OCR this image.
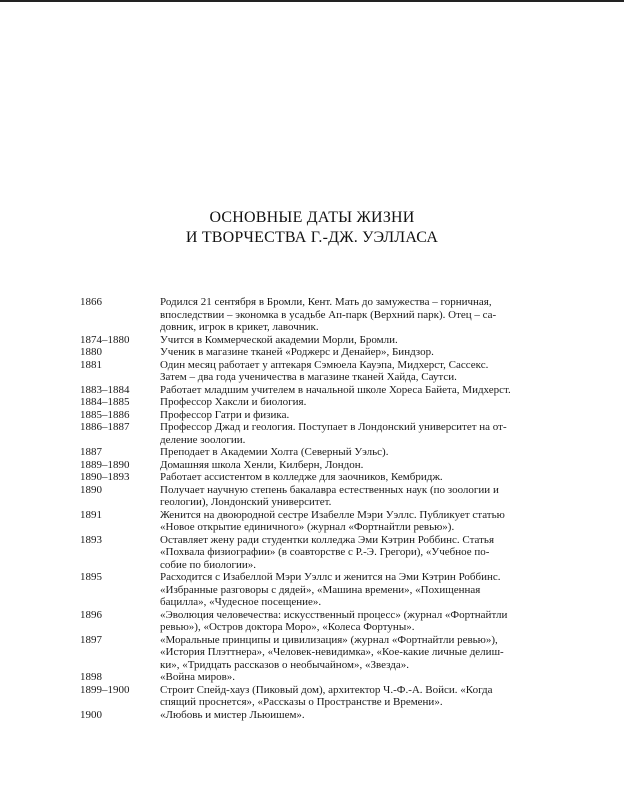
ОСНОВНЫЕ ДАТЫ ЖИЗНИ
И ТВОРЧЕСТВА Г.-ДЖ. УЭЛЛАСА
1866	Родился 21 сентября в Бромли, Кент. Мать до замужества – горничная,
впоследствии – экономка в усадьбе Ап-парк (Верхний парк). Отец – са-
довник, игрок в крикет, лавочник.
1874–1880	Учится в Коммерческой академии Морли, Бромли.
1880	Ученик в магазине тканей «Роджерс и Денайер», Биндзор.
1881	Один месяц работает у аптекаря Сэмюела Кауэпа, Мидхерст, Сассекс.
Затем – два года ученичества в магазине тканей Хайда, Саутси.
1883–1884	Работает младшим учителем в начальной школе Хореса Байета, Мидхерст.
1884–1885	Профессор Хаксли и биология.
1885–1886	Профессор Гатри и физика.
1886–1887	Профессор Джад и геология. Поступает в Лондонский университет на от-
деление зоологии.
1887	Преподает в Академии Холта (Северный Уэльс).
1889–1890	Домашняя школа Хенли, Килберн, Лондон.
1890–1893	Работает ассистентом в колледже для заочников, Кембридж.
1890	Получает научную степень бакалавра естественных наук (по зоологии и
геологии), Лондонский университет.
1891	Женится на двоюродной сестре Изабелле Мэри Уэллс. Публикует статью
«Новое открытие единичного» (журнал «Фортнайтли ревью»).
1893	Оставляет жену ради студентки колледжа Эми Кэтрин Роббинс. Статья
«Похвала физиографии» (в соавторстве с Р.-Э. Грегори), «Учебное по-
собие по биологии».
1895	Расходится с Изабеллой Мэри Уэллс и женится на Эми Кэтрин Роббинс.
«Избранные разговоры с дядей», «Машина времени», «Похищенная
бацилла», «Чудесное посещение».
1896	«Эволюция человечества: искусственный процесс» (журнал «Фортнайтли
ревью»), «Остров доктора Моро», «Колеса Фортуны».
1897	«Моральные принципы и цивилизация» (журнал «Фортнайтли ревью»),
«История Плэттнера», «Человек-невидимка», «Кое-какие личные делиш-
ки», «Тридцать рассказов о необычайном», «Звезда».
1898	«Война миров».
1899–1900	Строит Спейд-хауз (Пиковый дом), архитектор Ч.-Ф.-А. Войси. «Когда
спящий проснется», «Рассказы о Пространстве и Времени».
1900	«Любовь и мистер Льюишем».
